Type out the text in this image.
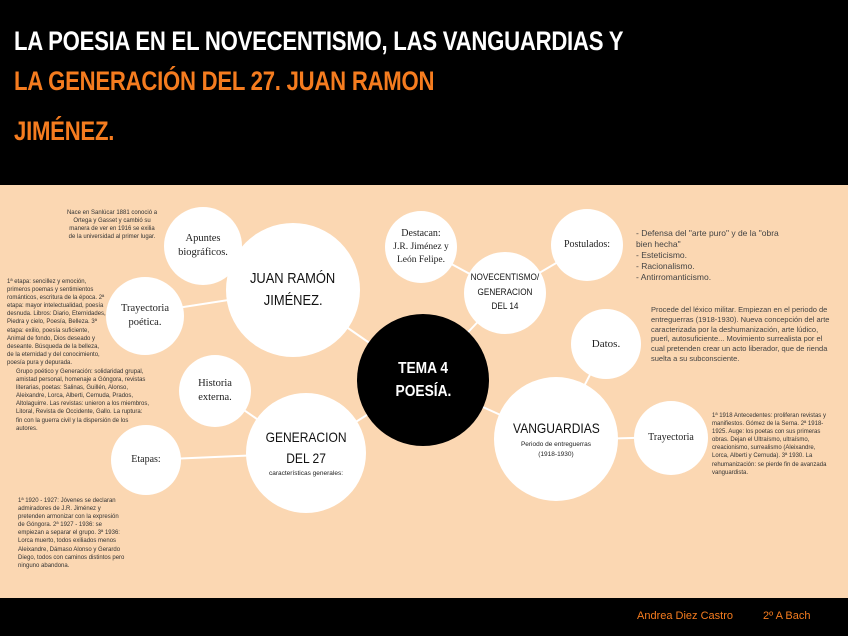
LA POESIA EN EL NOVECENTISMO, LAS VANGUARDIAS Y
LA GENERACIÓN DEL 27. JUAN RAMON
JIMÉNEZ.
Nace en Sanlúcar 1881 conoció a Ortega y Gasset y cambió su manera de ver en 1916 se exilia de la universidad al primer lugar.	Apuntes
biográficos.
1ª etapa: sencillez y emoción, primeros poemas y sentimientos románticos, escritura de la época. 2ª etapa: mayor intelectualidad, poesía desnuda. Libros: Diario, Eternidades, Piedra y cielo, Poesía, Belleza. 3ª etapa: exilio, poesía suficiente, Animal de fondo, Dios deseado y deseante. Búsqueda de la belleza, de la eternidad y del conocimiento, poesía pura y depurada.
Trayectoria
poética.
JUAN RAMÓN
JIMÉNEZ.
Destacan:
J.R. Jiménez y
León Felipe.
NOVECENTISMO/
GENERACION DEL 14
Postulados:

- Defensa del "arte puro" y de la "obra bien hecha"
- Esteticismo.
- Racionalismo.
- Antirromanticismo.

TEMA 4
POESÍA.
Datos.
Procede del léxico militar. Empiezan en el periodo de entreguerras (1918-1930). Nueva concepción del arte caracterizada por la deshumanización, arte lúdico, puerl, autosuficiente... Movimiento surrealista por el cual pretenden crear un acto liberador, que de rienda suelta a su subconsciente.
VANGUARDIAS
Periodo de entreguerras
(1918-1930)
Trayectoria
1ª 1918 Antecedentes: proliferan revistas y manifiestos. Gómez de la Serna. 2ª 1918-1925. Auge: los poetas con sus primeras obras. Dejan el Ultraísmo, ultraísmo, creacionismo, surrealismo (Aleixandre, Lorca, Alberti y Cernuda). 3ª 1930. La rehumanización: se pierde fin de avanzada vanguardista.
Grupo poético y Generación: solidaridad grupal, amistad personal, homenaje a Góngora, revistas literarias, poetas: Salinas, Guillén, Alonso, Aleixandre, Lorca, Alberti, Cernuda, Prados, Altolaguirre. Las revistas: unieron a los miembros, Litoral, Revista de Occidente, Gallo. La ruptura: fin con la guerra civil y la dispersión de los autores.
Historia
externa.
GENERACION
DEL 27
características generales:
Etapas:
1ª 1920 - 1927: Jóvenes se declaran admiradores de J.R. Jiménez y pretenden armonizar con la expresión de Góngora. 2ª 1927 - 1936: se empiezan a separar el grupo. 3ª 1936: Lorca muerto, todos exiliados menos Aleixandre, Dámaso Alonso y Gerardo Diego, todos con caminos distintos pero ninguno abandona.
Andrea Diez Castro	2º A Bach
